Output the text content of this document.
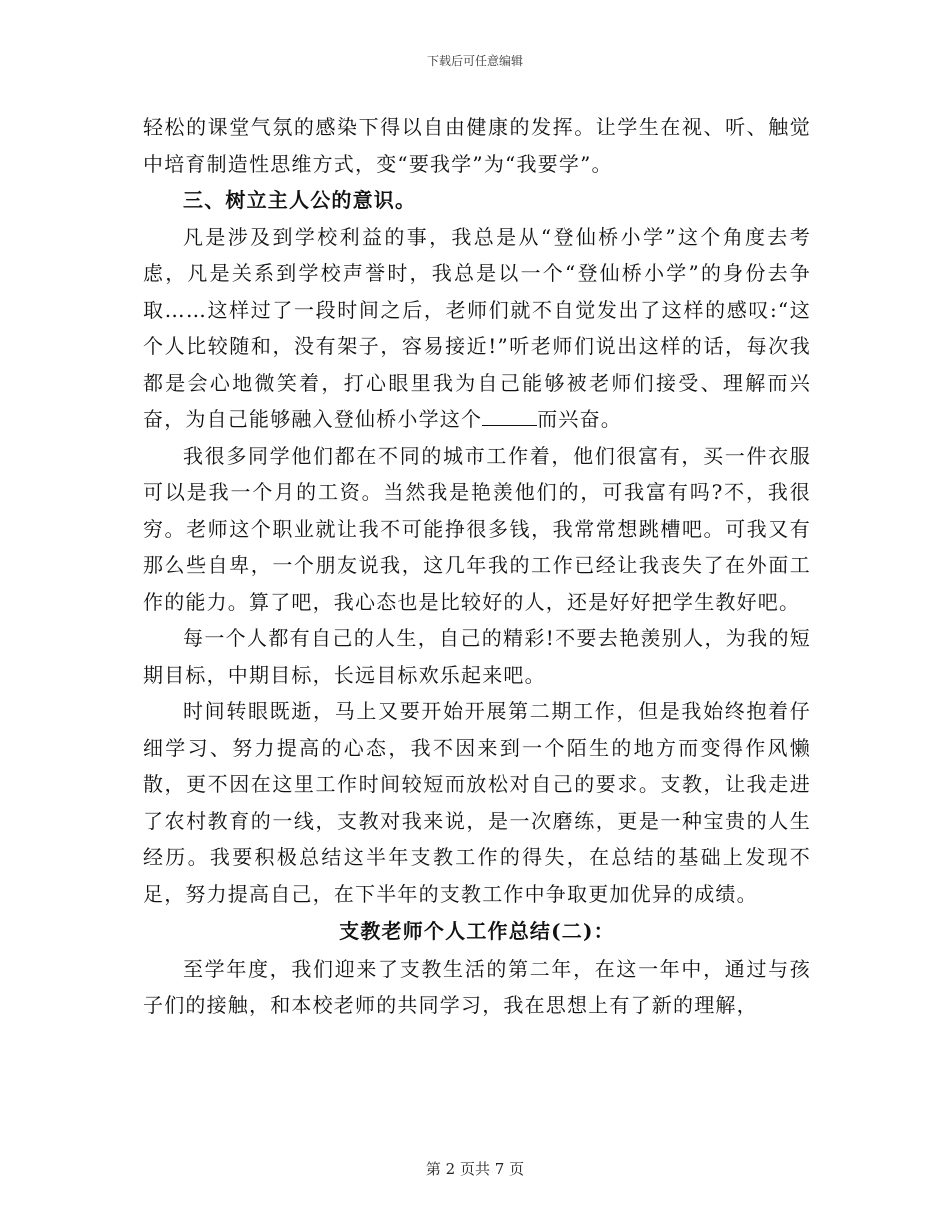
下载后可任意编辑

轻松的课堂气氛的感染下得以自由健康的发挥。让学生在视、听、触觉中培育制造性思维方式，变“要我学”为“我要学”。

三、树立主人公的意识。

凡是涉及到学校利益的事，我总是从“登仙桥小学”这个角度去考虑，凡是关系到学校声誉时，我总是以一个“登仙桥小学”的身份去争取……这样过了一段时间之后，老师们就不自觉发出了这样的感叹:“这个人比较随和，没有架子，容易接近!”听老师们说出这样的话，每次我都是会心地微笑着，打心眼里我为自己能够被老师们接受、理解而兴奋，为自己能够融入登仙桥小学这个	而兴奋。

我很多同学他们都在不同的城市工作着，他们很富有，买一件衣服可以是我一个月的工资。当然我是艳羡他们的，可我富有吗?不，我很穷。老师这个职业就让我不可能挣很多钱，我常常想跳槽吧。可我又有那么些自卑，一个朋友说我，这几年我的工作已经让我丧失了在外面工作的能力。算了吧，我心态也是比较好的人，还是好好把学生教好吧。

每一个人都有自己的人生，自己的精彩!不要去艳羡别人，为我的短期目标，中期目标，长远目标欢乐起来吧。

时间转眼既逝，马上又要开始开展第二期工作，但是我始终抱着仔细学习、努力提高的心态，我不因来到一个陌生的地方而变得作风懒散，更不因在这里工作时间较短而放松对自己的要求。支教，让我走进了农村教育的一线，支教对我来说，是一次磨练，更是一种宝贵的人生经历。我要积极总结这半年支教工作的得失，在总结的基础上发现不足，努力提高自己，在下半年的支教工作中争取更加优异的成绩。

支教老师个人工作总结(二)：

至学年度，我们迎来了支教生活的第二年，在这一年中，通过与孩子们的接触，和本校老师的共同学习，我在思想上有了新的理解，

第 2 页共 7 页
